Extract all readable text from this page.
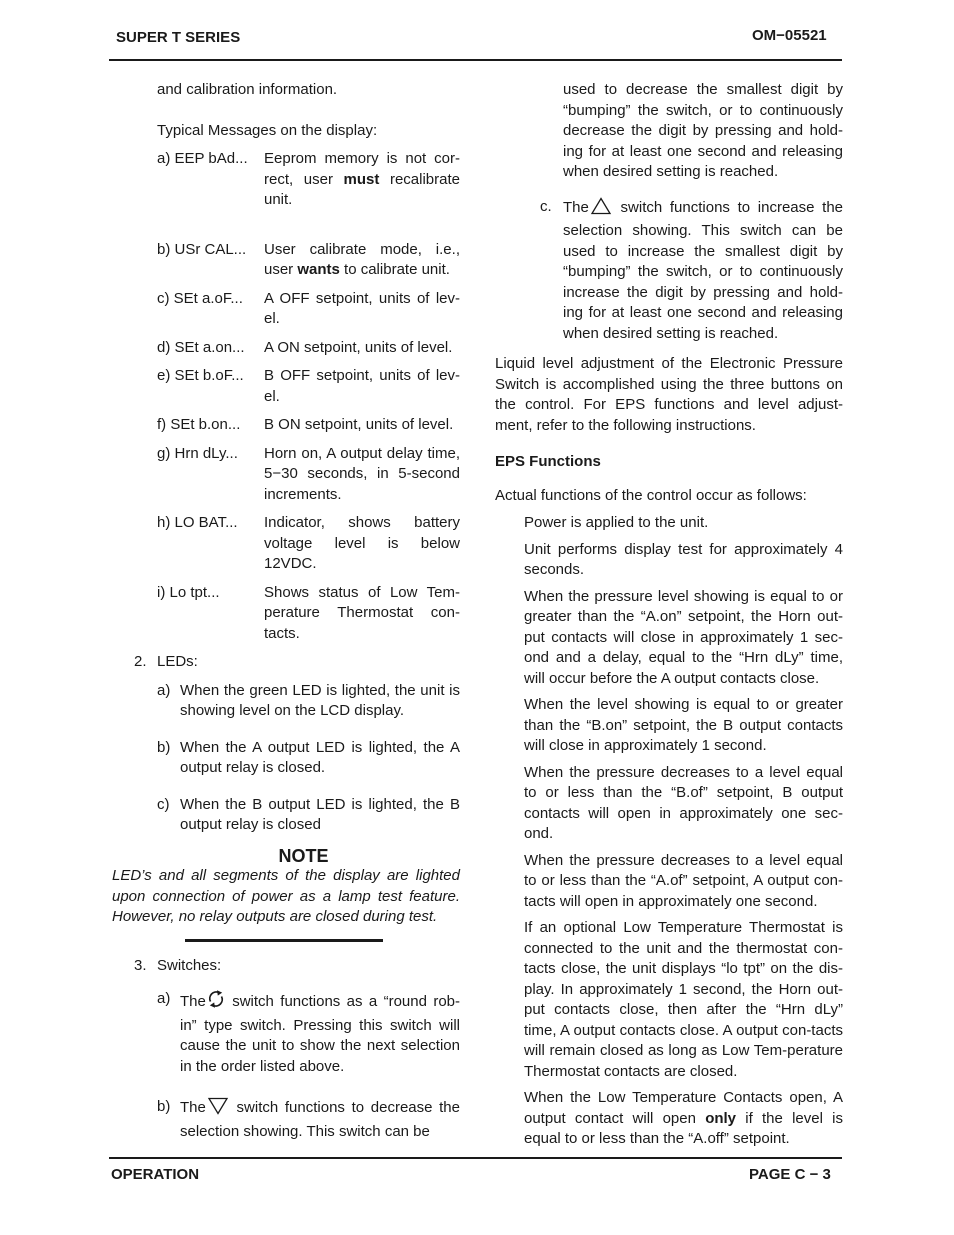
SUPER T SERIES	OM−05521

and calibration information.

Typical Messages on the display:

a) EEP bAd...	Eeprom memory is not cor-rect, user must recalibrate unit.
b) USr CAL...	User calibrate mode, i.e., user wants to calibrate unit.
c) SEt a.oF...	A OFF setpoint, units of lev-el.
d) SEt a.on...	A ON setpoint, units of level.
e) SEt b.oF...	B OFF setpoint, units of lev-el.
f) SEt b.on...	B ON setpoint, units of level.
g) Hrn dLy...	Horn on, A output delay time, 5−30 seconds, in 5-second increments.
h) LO BAT...	Indicator, shows battery voltage level is below 12VDC.
i) Lo tpt...	Shows status of Low Tem-perature Thermostat con-tacts.
2. LEDs:
a) When the green LED is lighted, the unit is showing level on the LCD display.
b) When the A output LED is lighted, the A output relay is closed.
c) When the B output LED is lighted, the B output relay is closed
NOTE

LED’s and all segments of the display are lighted upon connection of power as a lamp test feature. However, no relay outputs are closed during test.

3. Switches:
a) The switch functions as a “round rob-in” type switch. Pressing this switch will cause the unit to show the next selection in the order listed above.
b) The switch functions to decrease the selection showing. This switch can be

used to decrease the smallest digit by “bumping” the switch, or to continuously decrease the digit by pressing and hold-ing for at least one second and releasing when desired setting is reached.

c. The switch functions to increase the selection showing. This switch can be used to increase the smallest digit by “bumping” the switch, or to continuously increase the digit by pressing and hold-ing for at least one second and releasing when desired setting is reached.

Liquid level adjustment of the Electronic Pressure Switch is accomplished using the three buttons on the control. For EPS functions and level adjust-ment, refer to the following instructions.

EPS Functions

Actual functions of the control occur as follows:

Power is applied to the unit.

Unit performs display test for approximately 4 seconds.

When the pressure level showing is equal to or greater than the “A.on” setpoint, the Horn out-put contacts will close in approximately 1 sec-ond and a delay, equal to the “Hrn dLy” time, will occur before the A output contacts close.

When the level showing is equal to or greater than the “B.on” setpoint, the B output contacts will close in approximately 1 second.

When the pressure decreases to a level equal to or less than the “B.of” setpoint, B output contacts will open in approximately one sec-ond.

When the pressure decreases to a level equal to or less than the “A.of” setpoint, A output con-tacts will open in approximately one second.

If an optional Low Temperature Thermostat is connected to the unit and the thermostat con-tacts close, the unit displays “lo tpt” on the dis-play. In approximately 1 second, the Horn out-put contacts close, then after the “Hrn dLy” time, A output contacts close. A output con-tacts will remain closed as long as Low Tem-perature Thermostat contacts are closed.

When the Low Temperature Contacts open, A output contact will open only if the level is equal to or less than the “A.off” setpoint.

OPERATION	PAGE C − 3
